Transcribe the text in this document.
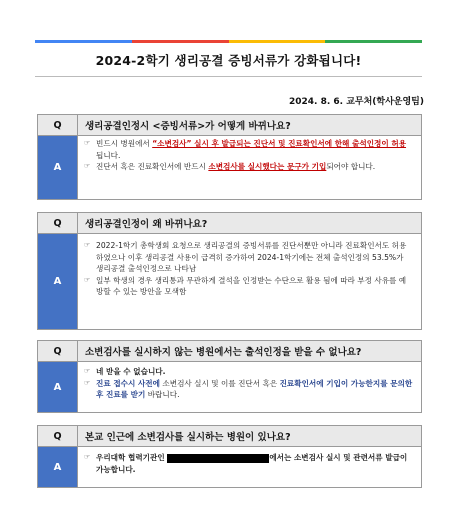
2024-2학기 생리공결 증빙서류가 강화됩니다!
2024. 8. 6. 교무처(학사운영팀)
Q	생리공결인정시 <증빙서류>가 어떻게 바뀌나요?
A
☞ 빈드시 병원에서 “소변검사” 실시 후 발급되는 진단서 및 진료확인서에 한해 출석인정이 허용됩니다.
☞ 진단서 혹은 진료확인서에 반드시 소변검사를 실시했다는 문구가 기입되어야 합니다.
Q	생리공결인정이 왜 바뀌나요?
A
☞ 2022-1학기 총학생회 요청으로 생리공결의 증빙서류를 진단서뿐만 아니라 진료확인서도 허용하였으나 이후 생리공결 사용이 급격히 증가하여 2024-1학기에는 전체 출석인정의 53.5%가 생리공결 출석인정으로 나타남
☞ 일부 학생의 경우 생리통과 무관하게 결석을 인정받는 수단으로 활용 됨에 따라 부정 사유를 예방할 수 있는 방안을 모색함
Q	소변검사를 실시하지 않는 병원에서는 출석인정을 받을 수 없나요?
A
☞ 네 받을 수 없습니다.
☞ 진료 접수시 사전에 소변검사 실시 및 이를 진단서 혹은 진료확인서에 기입이 가능한지를 문의한 후 진료를 받기 바랍니다.
Q	본교 인근에 소변검사를 실시하는 병원이 있나요?
A
☞ 우리대학 협력기관인	에서는 소변검사 실시 및 관련서류 발급이 가능합니다.
